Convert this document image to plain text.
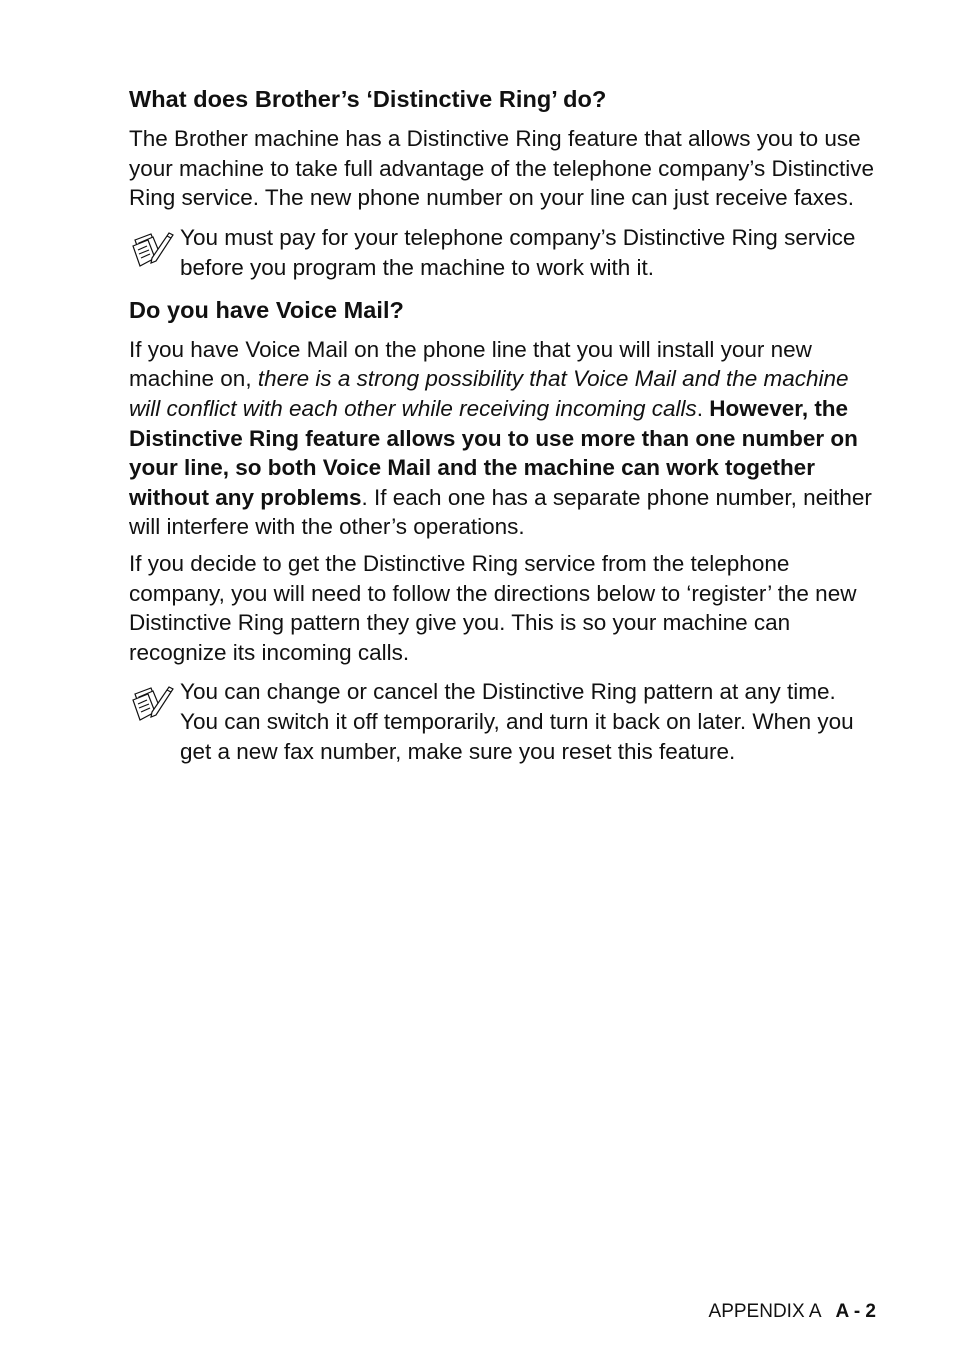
What does Brother’s ‘Distinctive Ring’ do?

The Brother machine has a Distinctive Ring feature that allows you to use your machine to take full advantage of the telephone company’s Distinctive Ring service. The new phone number on your line can just receive faxes.

You must pay for your telephone company’s Distinctive Ring service before you program the machine to work with it.

Do you have Voice Mail?

If you have Voice Mail on the phone line that you will install your new machine on, there is a strong possibility that Voice Mail and the machine will conflict with each other while receiving incoming calls. However, the Distinctive Ring feature allows you to use more than one number on your line, so both Voice Mail and the machine can work together without any problems. If each one has a separate phone number, neither will interfere with the other’s operations.

If you decide to get the Distinctive Ring service from the telephone company, you will need to follow the directions below to ‘register’ the new Distinctive Ring pattern they give you. This is so your machine can recognize its incoming calls.

You can change or cancel the Distinctive Ring pattern at any time. You can switch it off temporarily, and turn it back on later. When you get a new fax number, make sure you reset this feature.

APPENDIX A A - 2
